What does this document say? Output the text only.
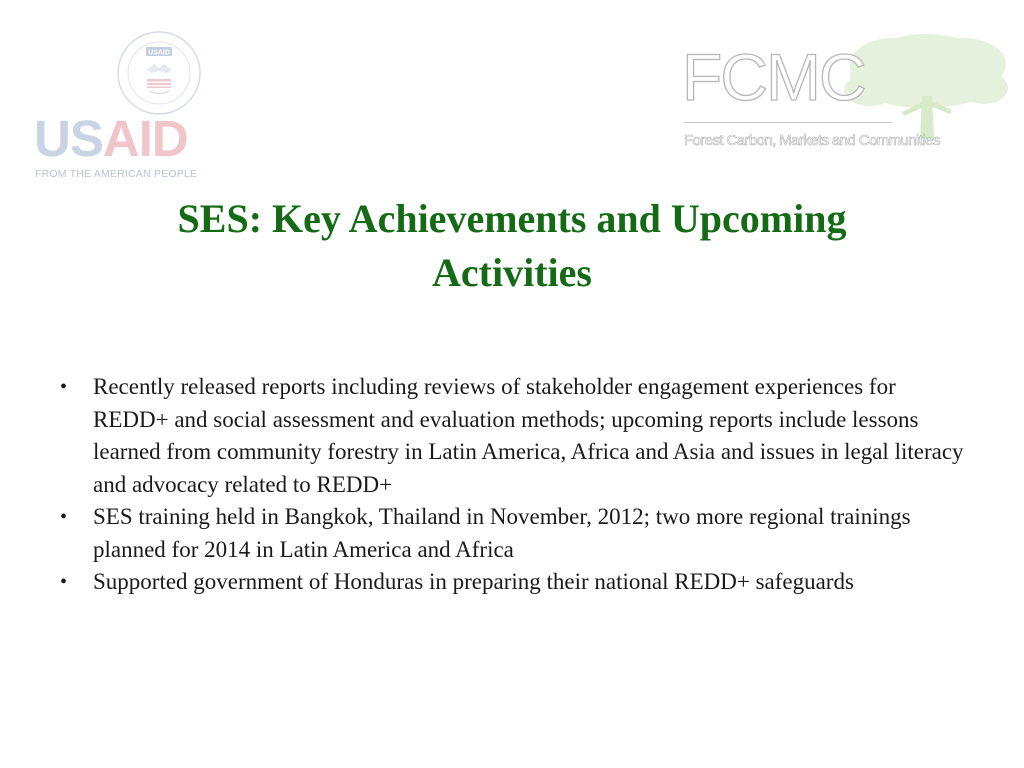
USAID
USAID
FROM THE AMERICAN PEOPLE
FCMC
Forest Carbon, Markets and Communities
SES: Key Achievements and Upcoming Activities
• Recently released reports including reviews of stakeholder engagement experiences for REDD+ and social assessment and evaluation methods; upcoming reports include lessons learned from community forestry in Latin America, Africa and Asia and issues in legal literacy and advocacy related to REDD+
• SES training held in Bangkok, Thailand in November, 2012; two more regional trainings planned for 2014 in Latin America and Africa
• Supported government of Honduras in preparing their national REDD+ safeguards
